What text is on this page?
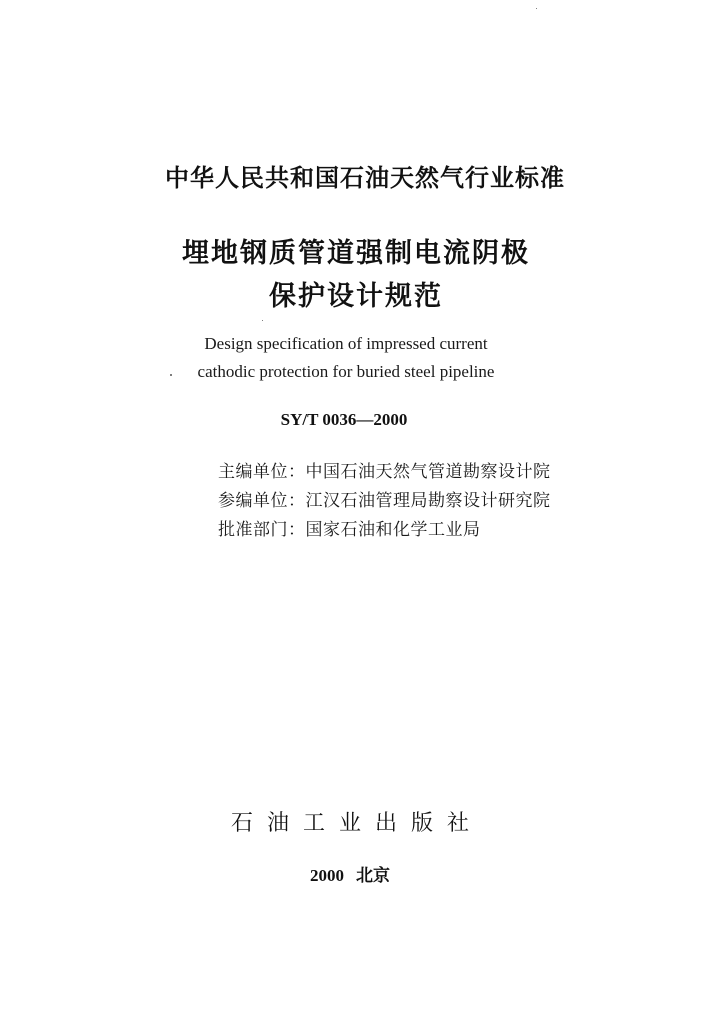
中华人民共和国石油天然气行业标准
埋地钢质管道强制电流阴极
保护设计规范
Design specification of impressed current
cathodic protection for buried steel pipeline
SY/T 0036—2000
主编单位：中国石油天然气管道勘察设计院
参编单位：江汉石油管理局勘察设计研究院
批准部门：国家石油和化学工业局
石油工业出版社
2000 北京
